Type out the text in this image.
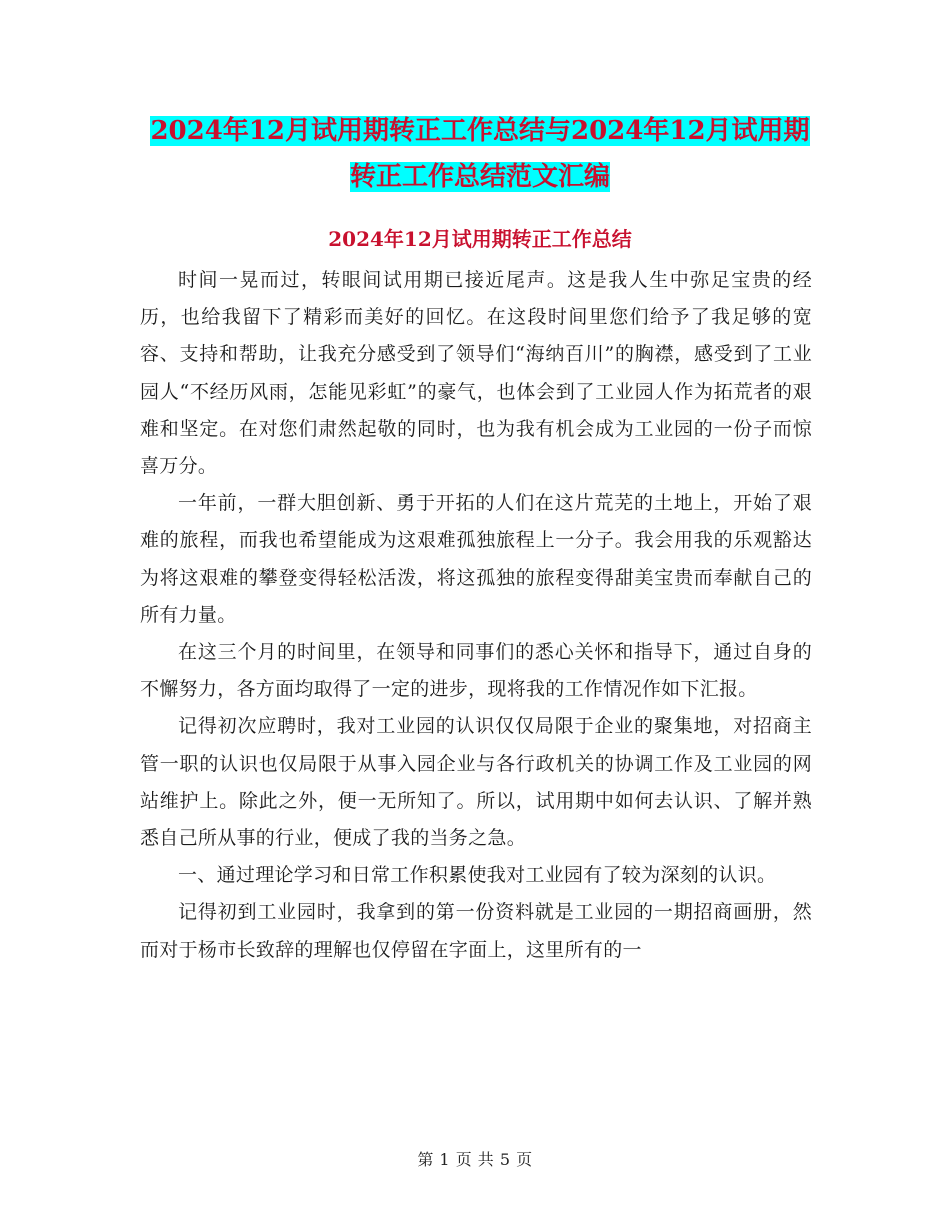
2024年12月试用期转正工作总结与2024年12月试用期转正工作总结范文汇编
2024年12月试用期转正工作总结

时间一晃而过，转眼间试用期已接近尾声。这是我人生中弥足宝贵的经历，也给我留下了精彩而美好的回忆。在这段时间里您们给予了我足够的宽容、支持和帮助，让我充分感受到了领导们“海纳百川”的胸襟，感受到了工业园人“不经历风雨，怎能见彩虹”的豪气，也体会到了工业园人作为拓荒者的艰难和坚定。在对您们肃然起敬的同时，也为我有机会成为工业园的一份子而惊喜万分。

一年前，一群大胆创新、勇于开拓的人们在这片荒芜的土地上，开始了艰难的旅程，而我也希望能成为这艰难孤独旅程上一分子。我会用我的乐观豁达为将这艰难的攀登变得轻松活泼，将这孤独的旅程变得甜美宝贵而奉献自己的所有力量。

在这三个月的时间里，在领导和同事们的悉心关怀和指导下，通过自身的不懈努力，各方面均取得了一定的进步，现将我的工作情况作如下汇报。

记得初次应聘时，我对工业园的认识仅仅局限于企业的聚集地，对招商主管一职的认识也仅局限于从事入园企业与各行政机关的协调工作及工业园的网站维护上。除此之外，便一无所知了。所以，试用期中如何去认识、了解并熟悉自己所从事的行业，便成了我的当务之急。

一、通过理论学习和日常工作积累使我对工业园有了较为深刻的认识。

记得初到工业园时，我拿到的第一份资料就是工业园的一期招商画册，然而对于杨市长致辞的理解也仅停留在字面上，这里所有的一

第 1 页 共 5 页
